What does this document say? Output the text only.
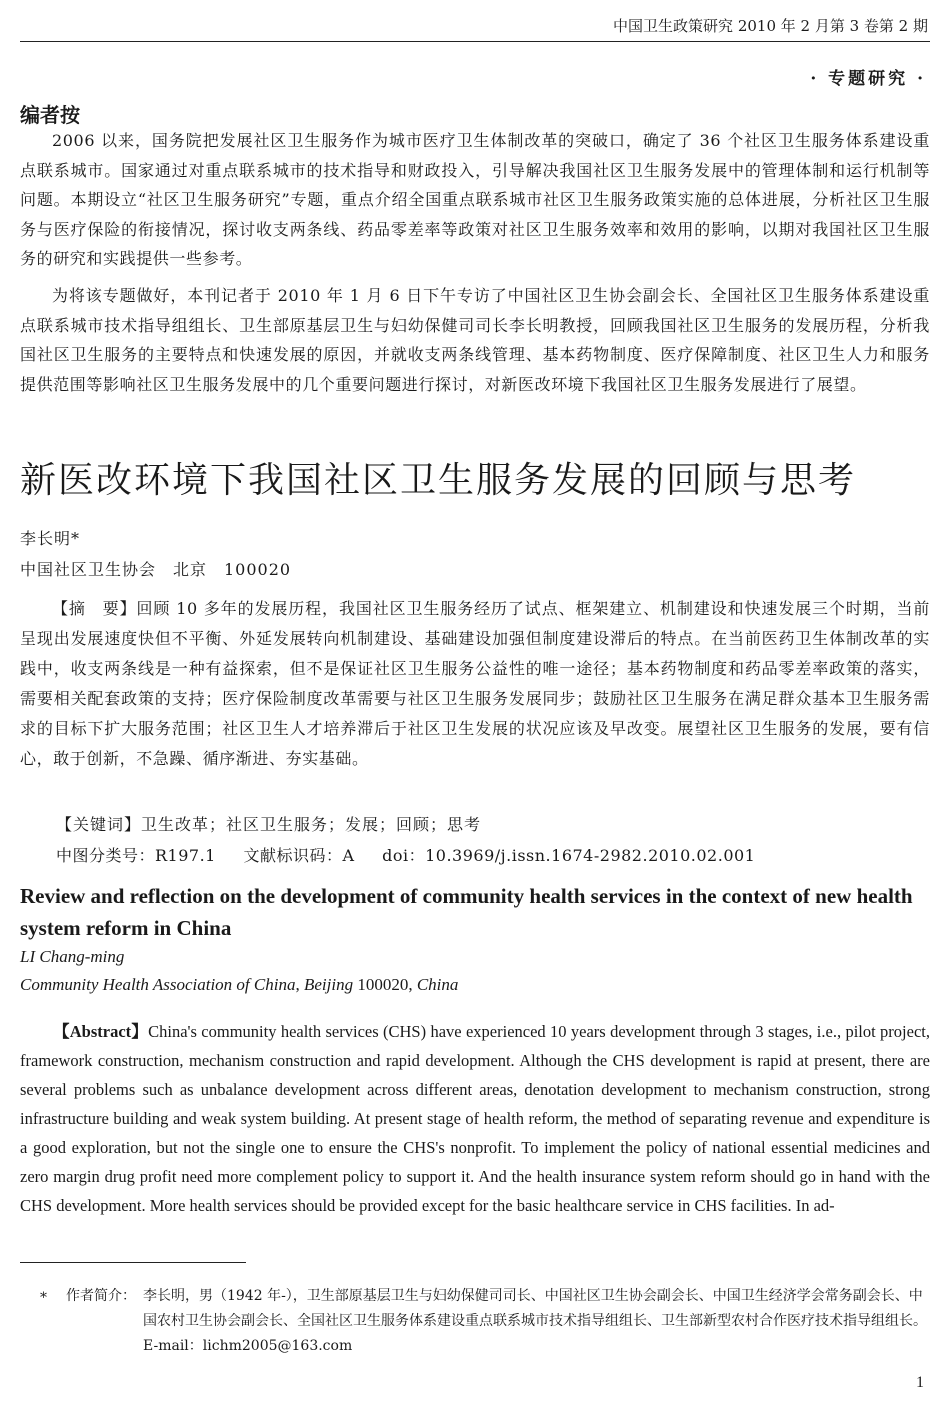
中国卫生政策研究 2010 年 2 月第 3 卷第 2 期
· 专题研究 ·
编者按

2006 以来，国务院把发展社区卫生服务作为城市医疗卫生体制改革的突破口，确定了 36 个社区卫生服务体系建设重点联系城市。国家通过对重点联系城市的技术指导和财政投入，引导解决我国社区卫生服务发展中的管理体制和运行机制等问题。本期设立“社区卫生服务研究”专题，重点介绍全国重点联系城市社区卫生服务政策实施的总体进展，分析社区卫生服务与医疗保险的衔接情况，探讨收支两条线、药品零差率等政策对社区卫生服务效率和效用的影响，以期对我国社区卫生服务的研究和实践提供一些参考。

为将该专题做好，本刊记者于 2010 年 1 月 6 日下午专访了中国社区卫生协会副会长、全国社区卫生服务体系建设重点联系城市技术指导组组长、卫生部原基层卫生与妇幼保健司司长李长明教授，回顾我国社区卫生服务的发展历程，分析我国社区卫生服务的主要特点和快速发展的原因，并就收支两条线管理、基本药物制度、医疗保障制度、社区卫生人力和服务提供范围等影响社区卫生服务发展中的几个重要问题进行探讨，对新医改环境下我国社区卫生服务发展进行了展望。

新医改环境下我国社区卫生服务发展的回顾与思考
李长明*
中国社区卫生协会　北京　100020

【摘　要】回顾 10 多年的发展历程，我国社区卫生服务经历了试点、框架建立、机制建设和快速发展三个时期，当前呈现出发展速度快但不平衡、外延发展转向机制建设、基础建设加强但制度建设滞后的特点。在当前医药卫生体制改革的实践中，收支两条线是一种有益探索，但不是保证社区卫生服务公益性的唯一途径；基本药物制度和药品零差率政策的落实，需要相关配套政策的支持；医疗保险制度改革需要与社区卫生服务发展同步；鼓励社区卫生服务在满足群众基本卫生服务需求的目标下扩大服务范围；社区卫生人才培养滞后于社区卫生发展的状况应该及早改变。展望社区卫生服务的发展，要有信心，敢于创新，不急躁、循序渐进、夯实基础。

【关键词】卫生改革；社区卫生服务；发展；回顾；思考
中图分类号：R197.1 文献标识码：A doi：10.3969/j.issn.1674-2982.2010.02.001
Review and reflection on the development of community health services in the context of new health system reform in China
LI Chang-ming
Community Health Association of China, Beijing 100020, China

【Abstract】China's community health services (CHS) have experienced 10 years development through 3 stages, i.e., pilot project, framework construction, mechanism construction and rapid development. Although the CHS development is rapid at present, there are several problems such as unbalance development across different areas, denotation development to mechanism construction, strong infrastructure building and weak system building. At present stage of health reform, the method of separating revenue and expenditure is a good exploration, but not the single one to ensure the CHS's nonprofit. To implement the policy of national essential medicines and zero margin drug profit need more complement policy to support it. And the health insurance system reform should go in hand with the CHS development. More health services should be provided except for the basic healthcare service in CHS facilities. In ad-

* 作者简介： 李长明，男（1942 年-），卫生部原基层卫生与妇幼保健司司长、中国社区卫生协会副会长、中国卫生经济学会常务副会长、中国农村卫生协会副会长、全国社区卫生服务体系建设重点联系城市技术指导组组长、卫生部新型农村合作医疗技术指导组组长。E-mail：lichm2005@163.com
1
